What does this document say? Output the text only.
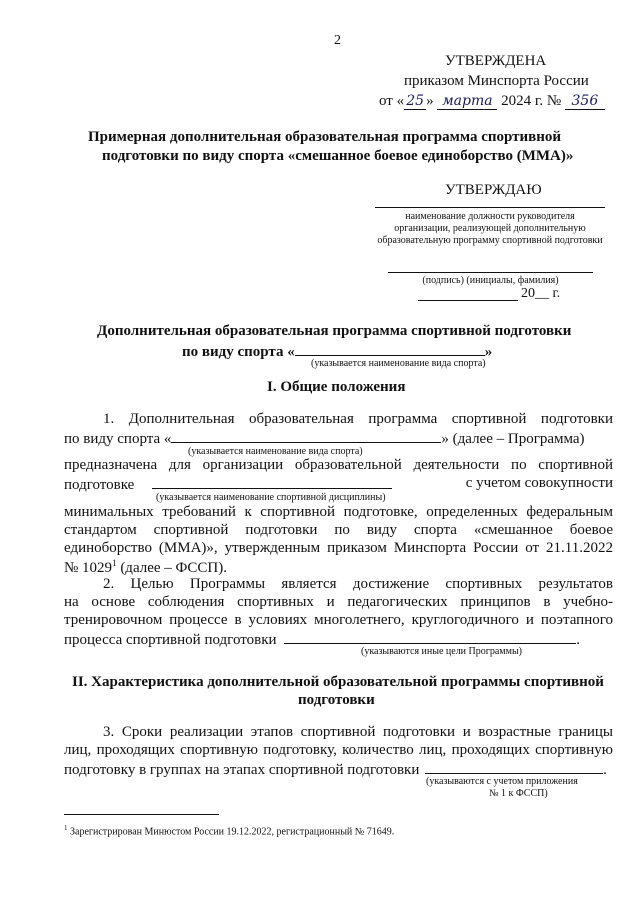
2
УТВЕРЖДЕНА
приказом Минспорта России
от « 25 » марта 2024 г. № 356
Примерная дополнительная образовательная программа спортивной
подготовки по виду спорта «смешанное боевое единоборство (ММА)»
УТВЕРЖДАЮ
наименование должности руководителя
организации, реализующей дополнительную
образовательную программу спортивной подготовки
(подпись) (инициалы, фамилия)
20__ г.
Дополнительная образовательная программа спортивной подготовки
по виду спорта «	»
(указывается наименование вида спорта)
I. Общие положения
1. Дополнительная образовательная программа спортивной подготовки
по виду спорта «	» (далее – Программа)
(указывается наименование вида спорта)
предназначена для организации образовательной деятельности по спортивной
подготовке	с учетом совокупности
(указывается наименование спортивной дисциплины)
минимальных требований к спортивной подготовке, определенных федеральным
стандартом спортивной подготовки по виду спорта «смешанное боевое
единоборство (ММА)», утвержденным приказом Минспорта России от 21.11.2022
№ 1029$^1$ (далее – ФССП).
2. Целью Программы является достижение спортивных результатов
на основе соблюдения спортивных и педагогических принципов в учебно-
тренировочном процессе в условиях многолетнего, круглогодичного и поэтапного
процесса спортивной подготовки	.
(указываются иные цели Программы)
II. Характеристика дополнительной образовательной программы спортивной
подготовки
3. Сроки реализации этапов спортивной подготовки и возрастные границы
лиц, проходящих спортивную подготовку, количество лиц, проходящих спортивную
подготовку в группах на этапах спортивной подготовки	.
(указываются с учетом приложения
№ 1 к ФССП)
$^1$ Зарегистрирован Минюстом России 19.12.2022, регистрационный № 71649.
